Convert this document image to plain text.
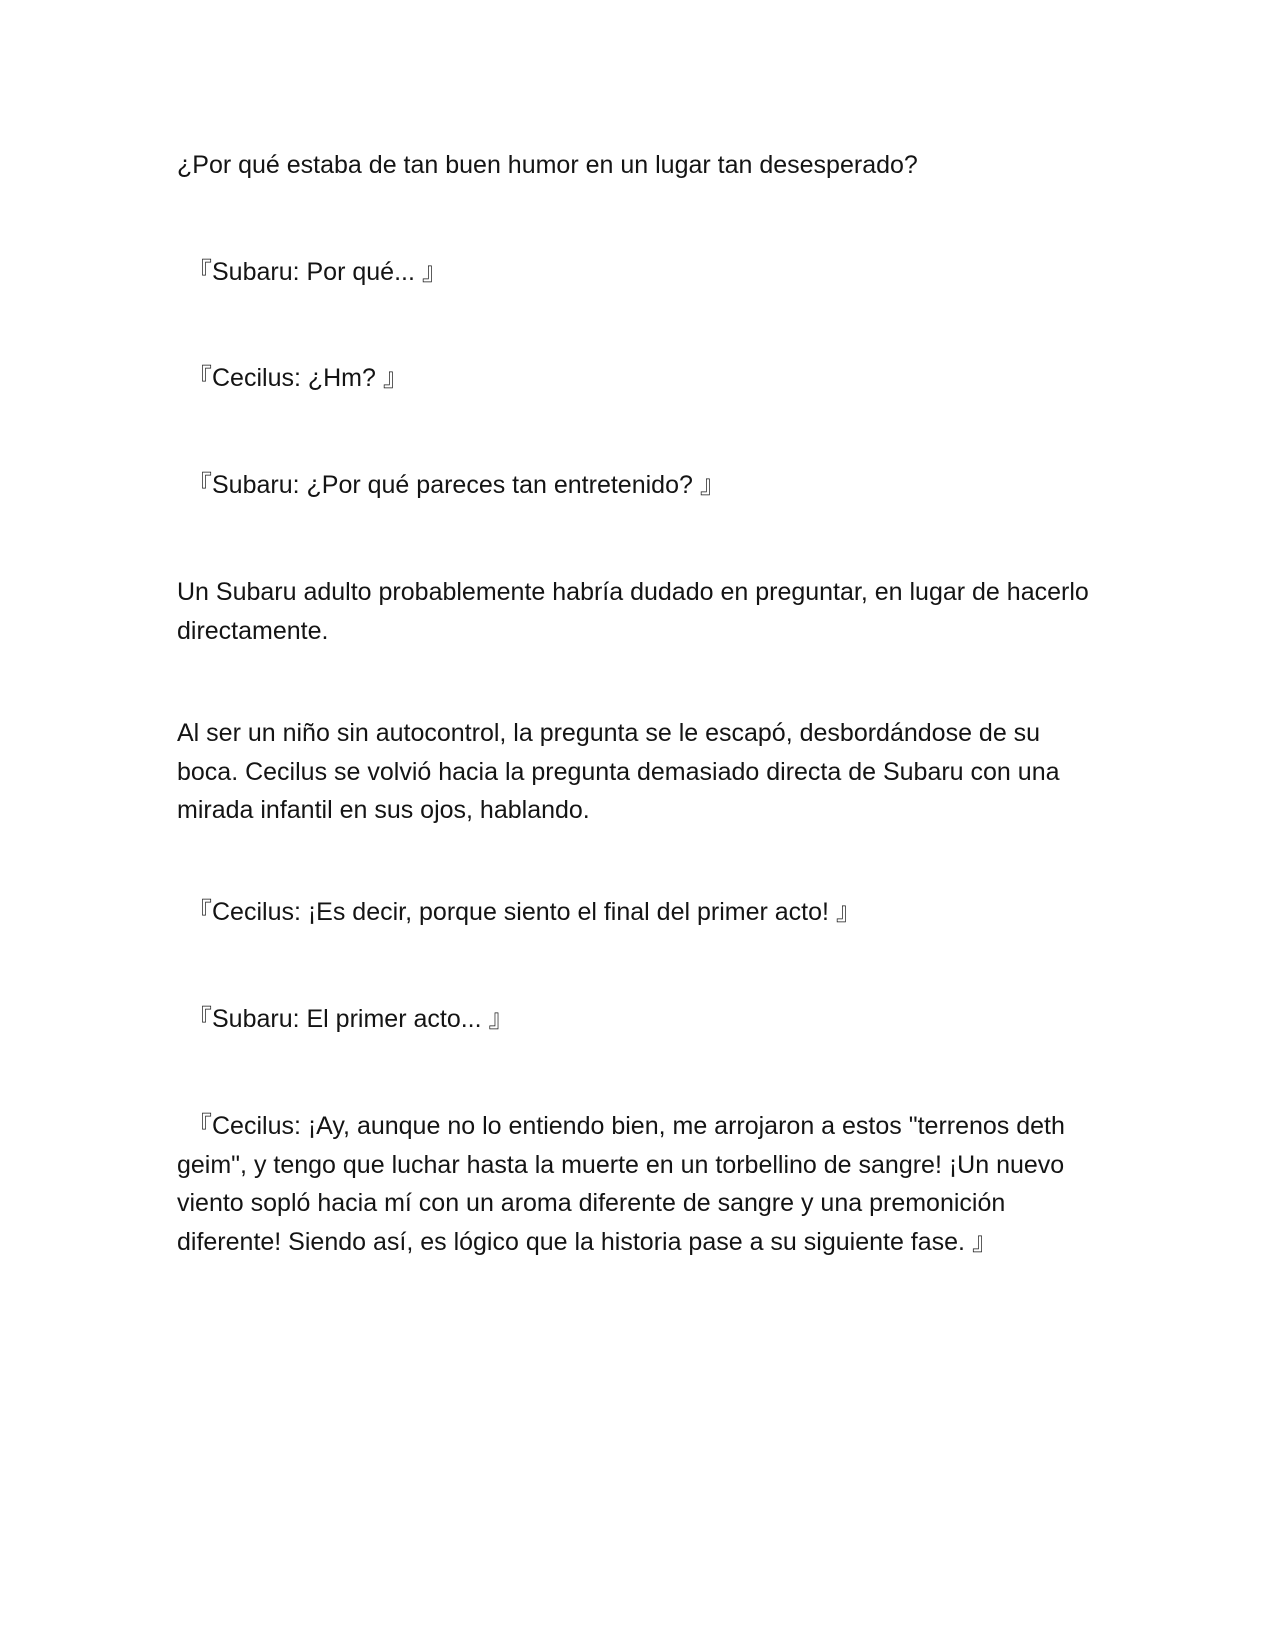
¿Por qué estaba de tan buen humor en un lugar tan desesperado?

『Subaru: Por qué... 』

『Cecilus: ¿Hm? 』

『Subaru: ¿Por qué pareces tan entretenido? 』

Un Subaru adulto probablemente habría dudado en preguntar, en lugar de hacerlo directamente.

Al ser un niño sin autocontrol, la pregunta se le escapó, desbordándose de su boca. Cecilus se volvió hacia la pregunta demasiado directa de Subaru con una mirada infantil en sus ojos, hablando.

『Cecilus: ¡Es decir, porque siento el final del primer acto! 』

『Subaru: El primer acto... 』

『Cecilus: ¡Ay, aunque no lo entiendo bien, me arrojaron a estos "terrenos deth geim", y tengo que luchar hasta la muerte en un torbellino de sangre! ¡Un nuevo viento sopló hacia mí con un aroma diferente de sangre y una premonición diferente! Siendo así, es lógico que la historia pase a su siguiente fase. 』
